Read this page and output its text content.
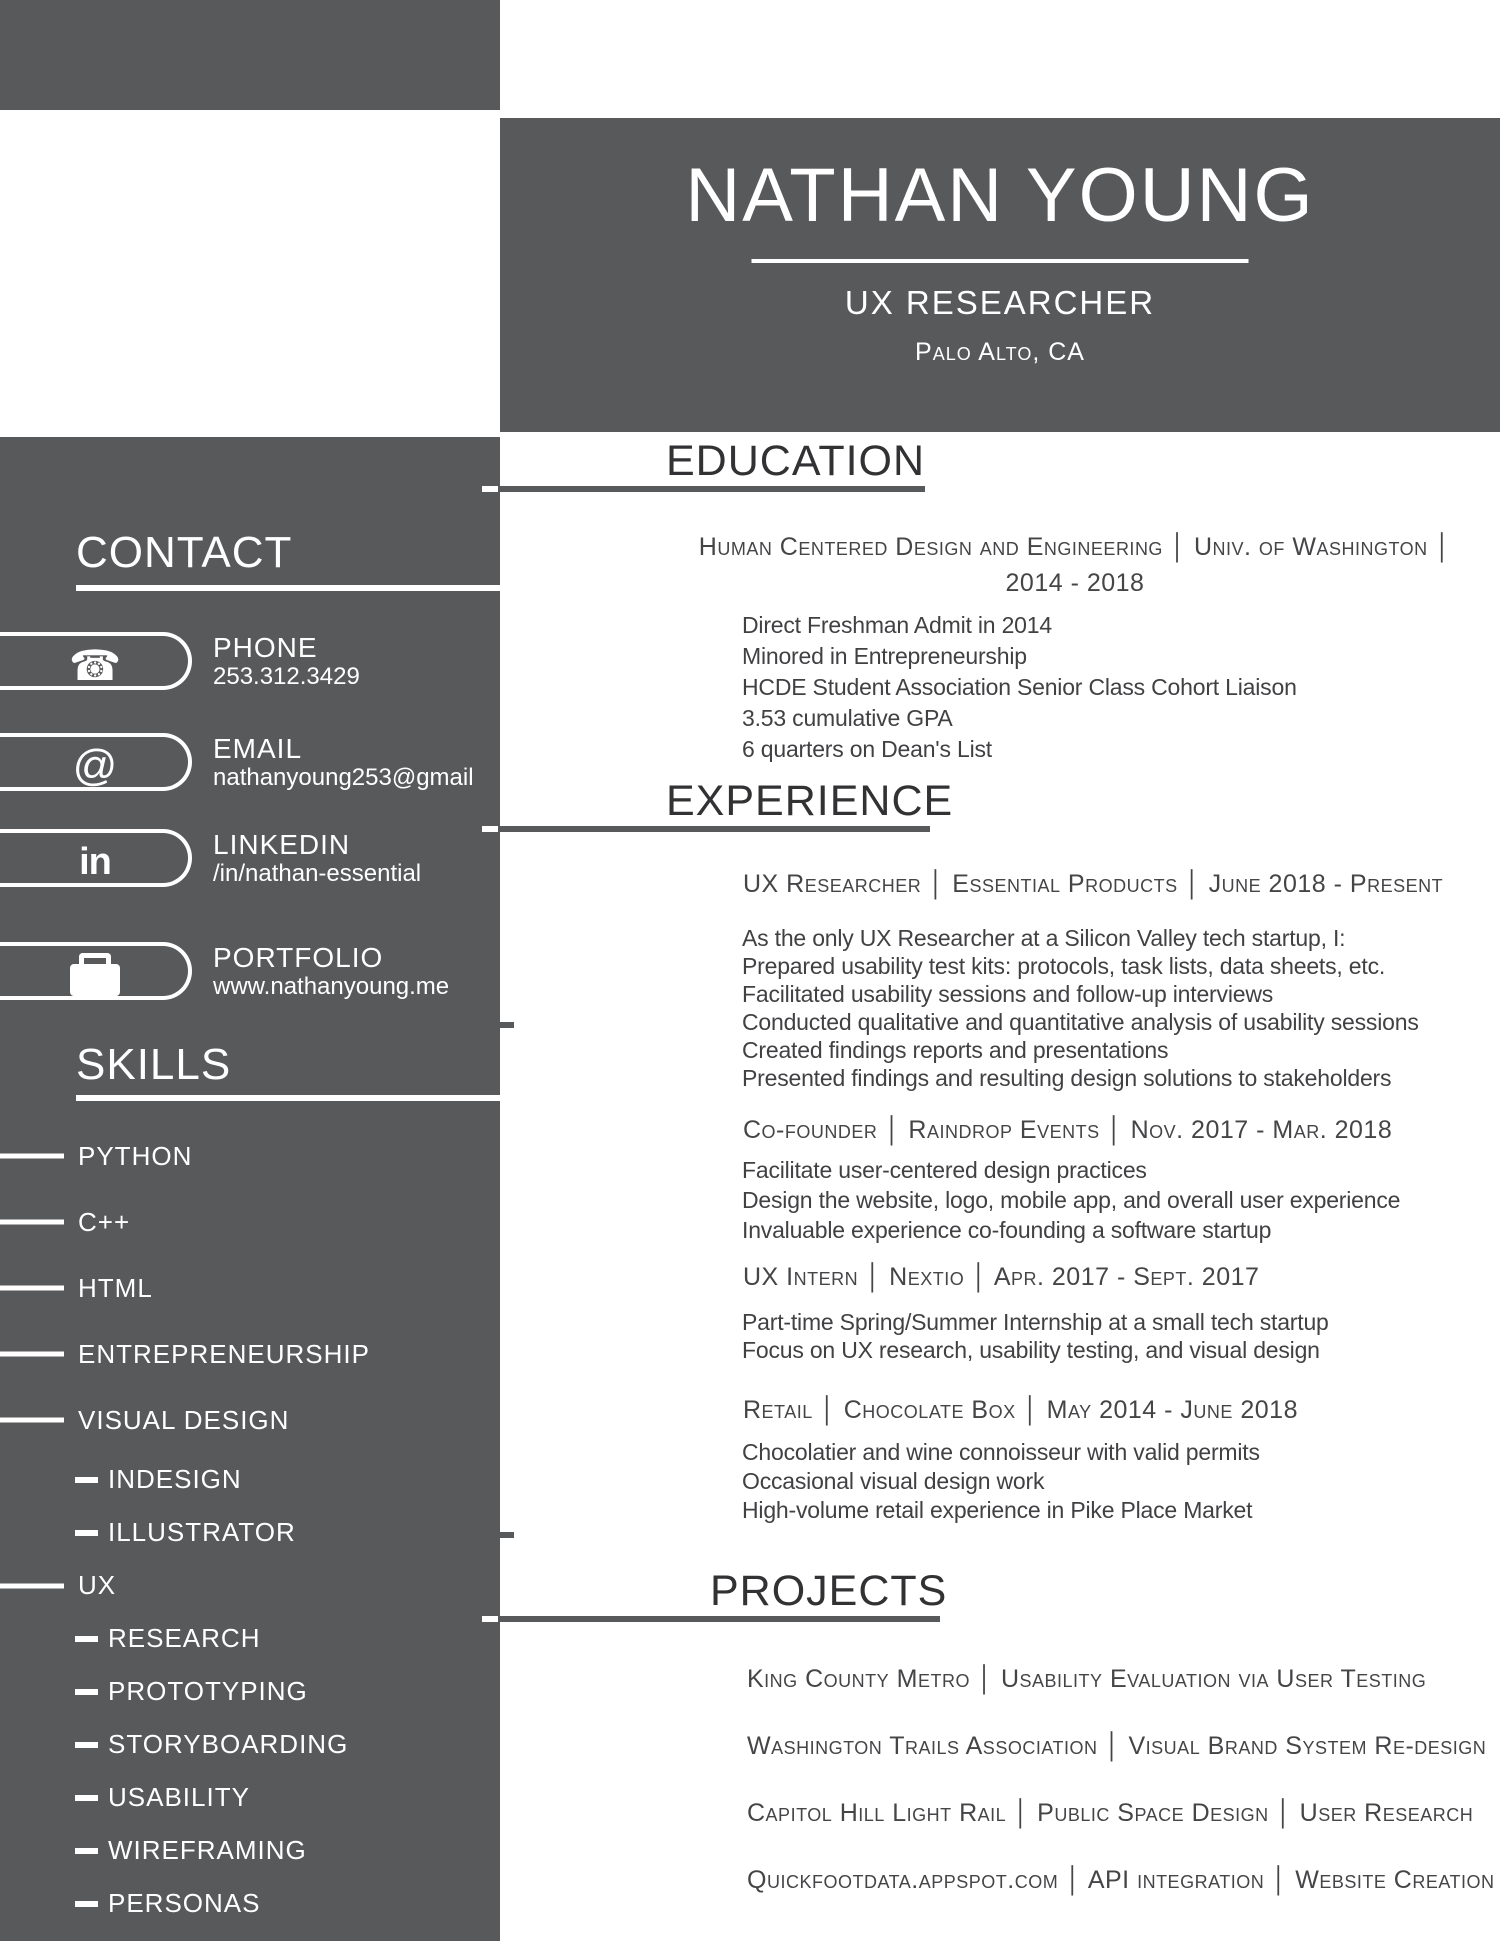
NATHAN YOUNG
UX RESEARCHER
Palo Alto, CA
CONTACT
☎	PHONE
253.312.3429
@	EMAIL
nathanyoung253@gmail
in	LINKEDIN
/in/nathan-essential
PORTFOLIO
www.nathanyoung.me
SKILLS
PYTHON
C++
HTML
ENTREPRENEURSHIP
VISUAL DESIGN
INDESIGN
ILLUSTRATOR
UX
RESEARCH
PROTOTYPING
STORYBOARDING
USABILITY
WIREFRAMING
PERSONAS
EDUCATION
Human Centered Design and Engineering │ Univ. of Washington │
2014 - 2018
Direct Freshman Admit in 2014
Minored in Entrepreneurship
HCDE Student Association Senior Class Cohort Liaison
3.53 cumulative GPA
6 quarters on Dean's List
EXPERIENCE
UX Researcher │ Essential Products │ June 2018 - Present
As the only UX Researcher at a Silicon Valley tech startup, I:
Prepared usability test kits: protocols, task lists, data sheets, etc.
Facilitated usability sessions and follow-up interviews
Conducted qualitative and quantitative analysis of usability sessions
Created findings reports and presentations
Presented findings and resulting design solutions to stakeholders
Co-founder │ Raindrop Events │ Nov. 2017 - Mar. 2018
Facilitate user-centered design practices
Design the website, logo, mobile app, and overall user experience
Invaluable experience co-founding a software startup
UX Intern │ Nextio │ Apr. 2017 - Sept. 2017
Part-time Spring/Summer Internship at a small tech startup
Focus on UX research, usability testing, and visual design
Retail │ Chocolate Box │ May 2014 - June 2018
Chocolatier and wine connoisseur with valid permits
Occasional visual design work
High-volume retail experience in Pike Place Market
PROJECTS
King County Metro │ Usability Evaluation via User Testing
Washington Trails Association │ Visual Brand System Re-design
Capitol Hill Light Rail │ Public Space Design │ User Research
Quickfootdata.appspot.com │ API integration │ Website Creation
